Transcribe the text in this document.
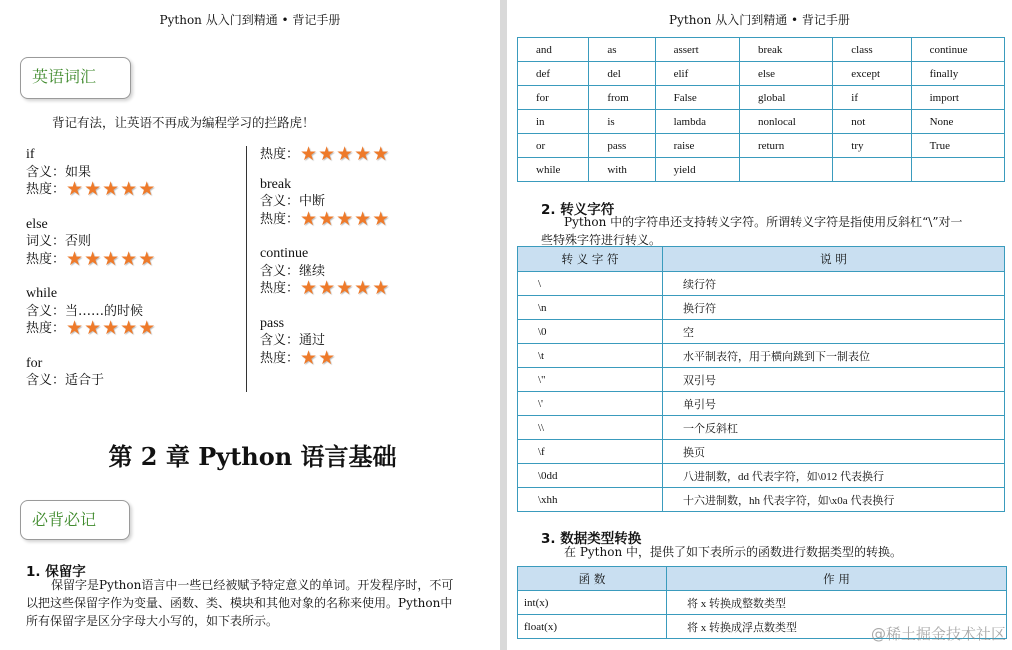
Python 从入门到精通 • 背记手册
英语词汇
背记有法，让英语不再成为编程学习的拦路虎！
if
含义：如果
热度： ★ ★ ★ ★ ★
else
词义：否则
热度： ★ ★ ★ ★ ★
while
含义：当……的时候
热度： ★ ★ ★ ★ ★
for
含义：适合于
热度： ★ ★ ★ ★ ★
break
含义：中断
热度： ★ ★ ★ ★ ★
continue
含义：继续
热度： ★ ★ ★ ★ ★
pass
含义：通过
热度： ★ ★
第 2 章 Python 语言基础
必背必记
1. 保留字
保留字是Python语言中一些已经被赋予特定意义的单词。开发程序时，不可
以把这些保留字作为变量、函数、类、模块和其他对象的名称来使用。Python中
所有保留字是区分字母大小写的，如下表所示。
Python 从入门到精通 • 背记手册
and	as	assert	break	class	continue
def	del	elif	else	except	finally
for	from	False	global	if	import
in	is	lambda	nonlocal	not	None
or	pass	raise	return	try	True
while	with	yield			
2. 转义字符
Python 中的字符串还支持转义字符。所谓转义字符是指使用反斜杠“\”对一
些特殊字符进行转义。
转 义 字 符	说 明
\	续行符
\n	换行符
\0	空
\t	水平制表符，用于横向跳到下一制表位
\"	双引号
\'	单引号
\\	一个反斜杠
\f	换页
\0dd	八进制数，dd 代表字符，如\012 代表换行
\xhh	十六进制数，hh 代表字符，如\x0a 代表换行
3. 数据类型转换
在 Python 中，提供了如下表所示的函数进行数据类型的转换。
函 数	作 用
int(x)	将 x 转换成整数类型
float(x)	将 x 转换成浮点数类型	@稀土掘金技术社区
